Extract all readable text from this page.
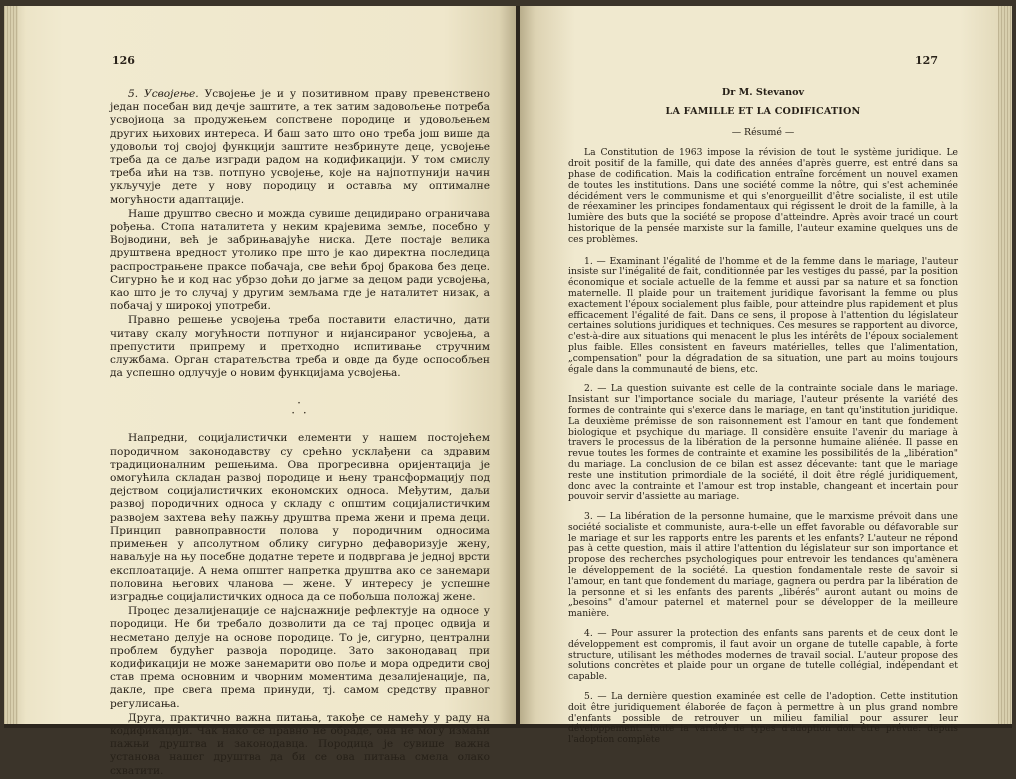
126

5. Усвојење. Усвојење је и у позитивном праву превенствено један посебан вид дечје заштите, а тек затим задовољење потреба усвојиоца за продужењем сопствене породице и удовољењем других њихових интереса. И баш зато што оно треба још више да удовољи тој својој функцији заштите незбринуте деце, усвојење треба да се даље изгради радом на кодификацији. У том смислу треба ићи на тзв. потпуно усвојење, које на најпотпунији начин укључује дете у нову породицу и оставља му оптималне могућности адаптације.

Наше друштво свесно и можда сувише децидирано ограничава рођења. Стопа наталитета у неким крајевима земље, посебно у Војводини, већ је забрињавајуће ниска. Дете постаје велика друштвена вредност утолико пре што је као директна последица распрострањене праксе побачаја, све већи број бракова без деце. Сигурно ће и код нас убрзо доћи до јагме за децом ради усвојења, као што је то случај у другим земљама где је наталитет низак, а побачај у широкој употреби.

Правно решење усвојења треба поставити еластично, дати читаву скалу могућности потпуног и нијансираног усвојења, а препустити припрему и претходно испитивање стручним службама. Орган старатељства треба и овде да буде оспособљен да успешно одлучује о новим функцијама усвојења.

·
· ·

Напредни, социјалистички елементи у нашем постојећем породичном законодавству су срећно усклађени са здравим традиционалним решењима. Ова прогресивна оријентација је омогућила складан развој породице и њену трансформацију под дејством социјалистичких економских односа. Међутим, даљи развој породичних односа у складу с општим социјалистичким развојем захтева већу пажњу друштва према жени и према деци. Принцип равноправности полова у породичним односима примењен у апсолутном облику сигурно дефаворизује жену, наваљује на њу посебне додатне терете и подвргава је једној врсти експлоатације. А нема општег напретка друштва ако се занемари половина његових чланова — жене. У интересу је успешне изградње социјалистичких односа да се побољша положај жене.

Процес дезалијенације се најснажније рефлектује на односе у породици. Не би требало дозволити да се тај процес одвија и несметано делује на основе породице. То је, сигурно, централни проблем будућег развоја породице. Зато законодавац при кодификацији не може занемарити ово поље и мора одредити свој став према основним и чворним моментима дезалијенације, па, дакле, пре свега према принуди, тј. самом средству правног регулисања.

Друга, практично важна питања, такође се намећу у раду на кодификацији. Чак нако се правно не обраде, она не могу измаћи пажњи друштва и законодавца. Породица је сувише важна установа нашег друштва да би се ова питања смела олако схватити.

127

Dr M. Stevanov

LA FAMILLE ET LA CODIFICATION

— Résumé —

La Constitution de 1963 impose la révision de tout le système juridique. Le droit positif de la famille, qui date des années d'après guerre, est entré dans sa phase de codification. Mais la codification entraîne forcément un nouvel examen de toutes les institutions. Dans une société comme la nôtre, qui s'est acheminée décidément vers le communisme et qui s'enorgueillit d'être socialiste, il est utile de réexaminer les principes fondamentaux qui régissent le droit de la famille, à la lumière des buts que la société se propose d'atteindre. Après avoir tracé un court historique de la pensée marxiste sur la famille, l'auteur examine quelques uns de ces problèmes.

1. — Examinant l'égalité de l'homme et de la femme dans le mariage, l'auteur insiste sur l'inégalité de fait, conditionnée par les vestiges du passé, par la position économique et sociale actuelle de la femme et aussi par sa nature et sa fonction maternelle. Il plaide pour un traitement juridique favorisant la femme ou plus exactement l'époux socialement plus faible, pour atteindre plus rapidement et plus efficacement l'égalité de fait. Dans ce sens, il propose à l'attention du législateur certaines solutions juridiques et techniques. Ces mesures se rapportent au divorce, c'est-à-dire aux situations qui menacent le plus les intérêts de l'époux socialement plus faible. Elles consistent en faveurs matérielles, telles que l'alimentation, „compensation" pour la dégradation de sa situation, une part au moins toujours égale dans la communauté de biens, etc.

2. — La question suivante est celle de la contrainte sociale dans le mariage. Insistant sur l'importance sociale du mariage, l'auteur présente la variété des formes de contrainte qui s'exerce dans le mariage, en tant qu'institution juridique. La deuxième prémisse de son raisonnement est l'amour en tant que fondement biologique et psychique du mariage. Il considère ensuite l'avenir du mariage à travers le processus de la libération de la personne humaine aliénée. Il passe en revue toutes les formes de contrainte et examine les possibilités de la „libération" du mariage. La conclusion de ce bilan est assez décevante: tant que le mariage reste une institution primordiale de la société, il doit être réglé juridiquement, donc avec la contrainte et l'amour est trop instable, changeant et incertain pour pouvoir servir d'assiette au mariage.

3. — La libération de la personne humaine, que le marxisme prévoit dans une société socialiste et communiste, aura-t-elle un effet favorable ou défavorable sur le mariage et sur les rapports entre les parents et les enfants? L'auteur ne répond pas à cette question, mais il attire l'attention du législateur sur son importance et propose des recherches psychologiques pour entrevoir les tendances qu'amènera le développement de la société. La question fondamentale reste de savoir si l'amour, en tant que fondement du mariage, gagnera ou perdra par la libération de la personne et si les enfants des parents „libérés" auront autant ou moins de „besoins" d'amour paternel et maternel pour se développer de la meilleure manière.

4. — Pour assurer la protection des enfants sans parents et de ceux dont le développement est compromis, il faut avoir un organe de tutelle capable, à forte structure, utilisant les méthodes modernes de travail social. L'auteur propose des solutions concrètes et plaide pour un organe de tutelle collégial, indépendant et capable.

5. — La dernière question examinée est celle de l'adoption. Cette institution doit être juridiquement élaborée de façon à permettre à un plus grand nombre d'enfants possible de retrouver un milieu familial pour assurer leur développement. Toute la variété de types d'adoption doit être prévue: depuis l'adoption complète
